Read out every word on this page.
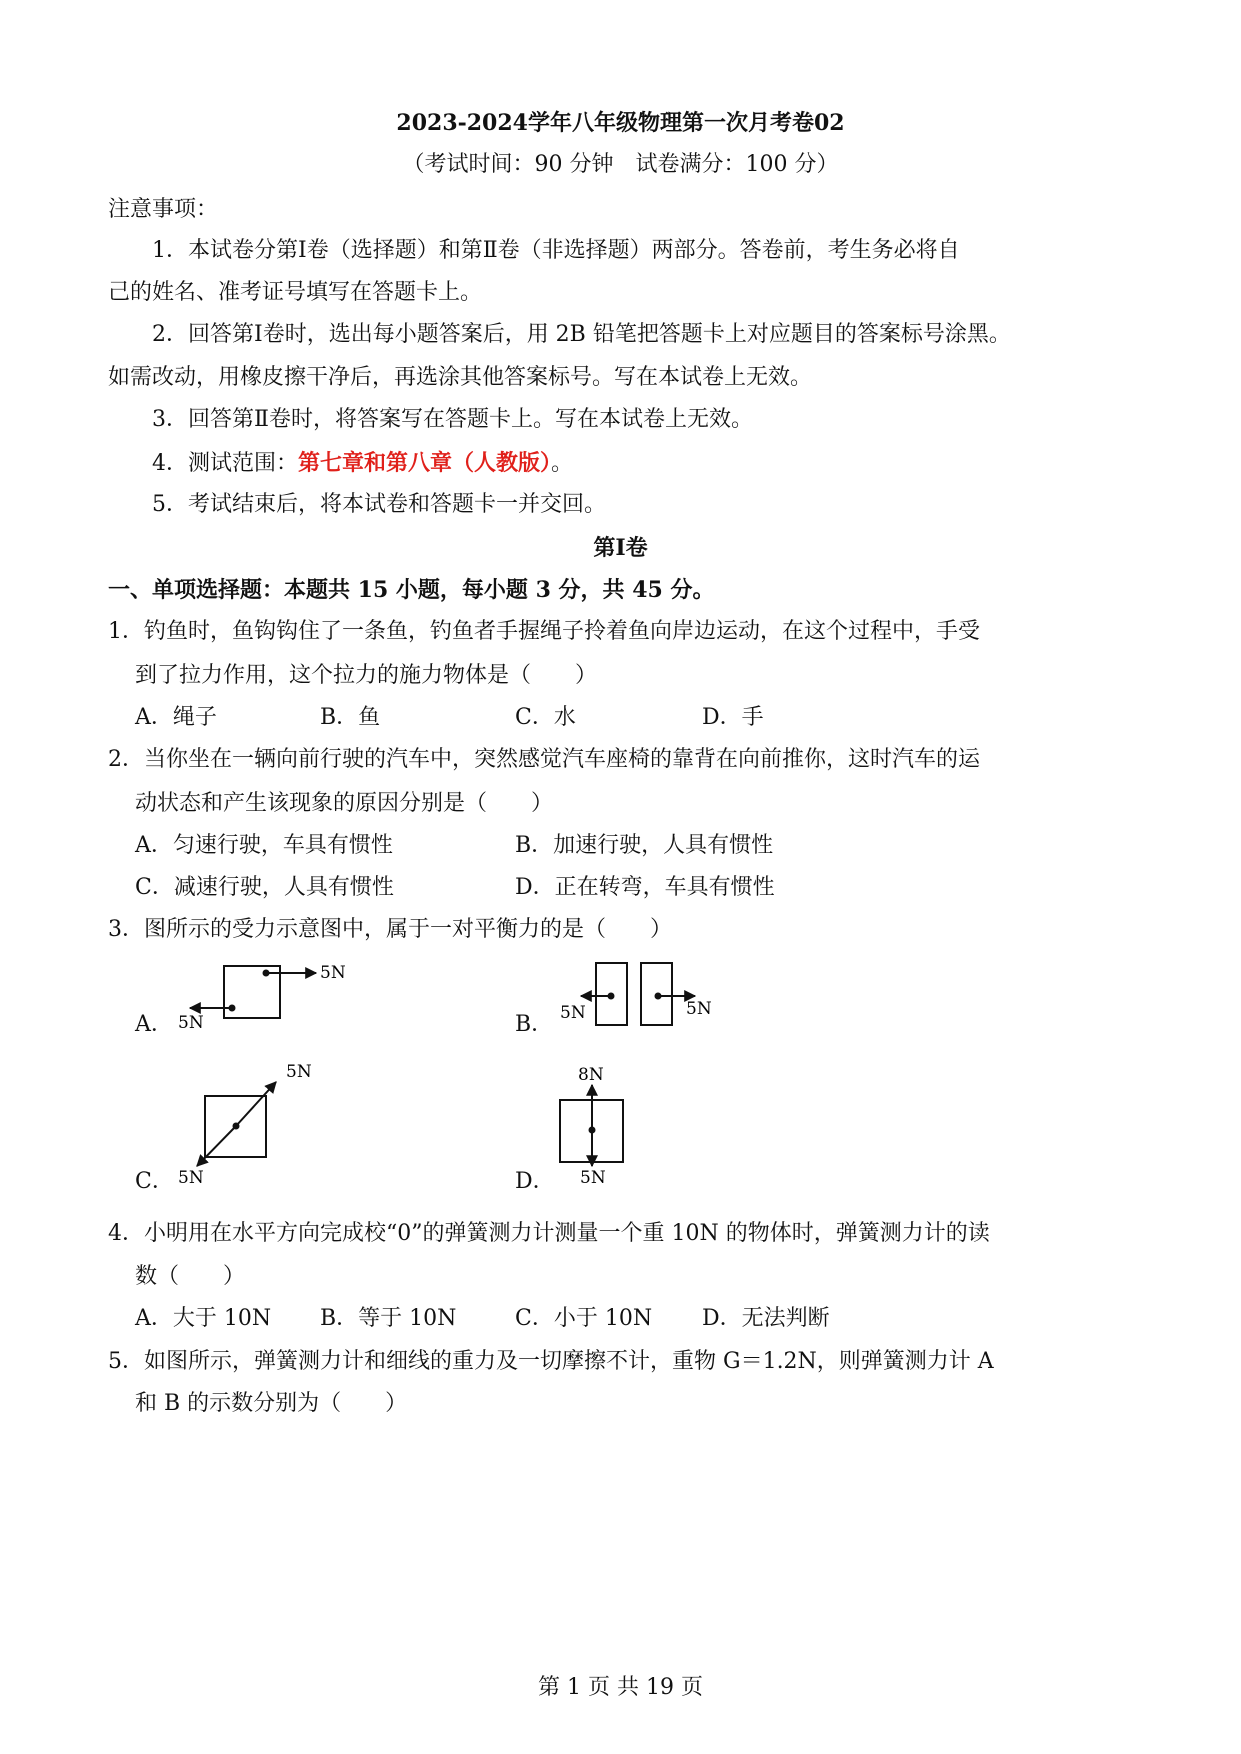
2023-2024学年八年级物理第一次月考卷02
（考试时间：90 分钟　试卷满分：100 分）
注意事项：
1．本试卷分第Ⅰ卷（选择题）和第Ⅱ卷（非选择题）两部分。答卷前，考生务必将自
己的姓名、准考证号填写在答题卡上。
2．回答第Ⅰ卷时，选出每小题答案后，用 2B 铅笔把答题卡上对应题目的答案标号涂黑。
如需改动，用橡皮擦干净后，再选涂其他答案标号。写在本试卷上无效。
3．回答第Ⅱ卷时，将答案写在答题卡上。写在本试卷上无效。
4．测试范围：第七章和第八章（人教版）。
5．考试结束后，将本试卷和答题卡一并交回。
第Ⅰ卷
一、单项选择题：本题共 15 小题，每小题 3 分，共 45 分。
1．钓鱼时，鱼钩钩住了一条鱼，钓鱼者手握绳子拎着鱼向岸边运动，在这个过程中，手受
到了拉力作用，这个拉力的施力物体是（　　）
A．绳子	B．鱼	C．水	D．手
2．当你坐在一辆向前行驶的汽车中，突然感觉汽车座椅的靠背在向前推你，这时汽车的运
动状态和产生该现象的原因分别是（　　）
A．匀速行驶，车具有惯性	B．加速行驶，人具有惯性
C．减速行驶，人具有惯性	D．正在转弯，车具有惯性
3．图所示的受力示意图中，属于一对平衡力的是（　　）
A．	B．
C．	D．
5N
5N	5N	5N
5N
5N
8N
5N
4．小明用在水平方向完成校“0”的弹簧测力计测量一个重 10N 的物体时，弹簧测力计的读
数（　　）
A．大于 10N B．等于 10N	C．小于 10N D．无法判断
5．如图所示，弹簧测力计和细线的重力及一切摩擦不计，重物 G＝1.2N，则弹簧测力计 A
和 B 的示数分别为（　　）
第 1 页 共 19 页
